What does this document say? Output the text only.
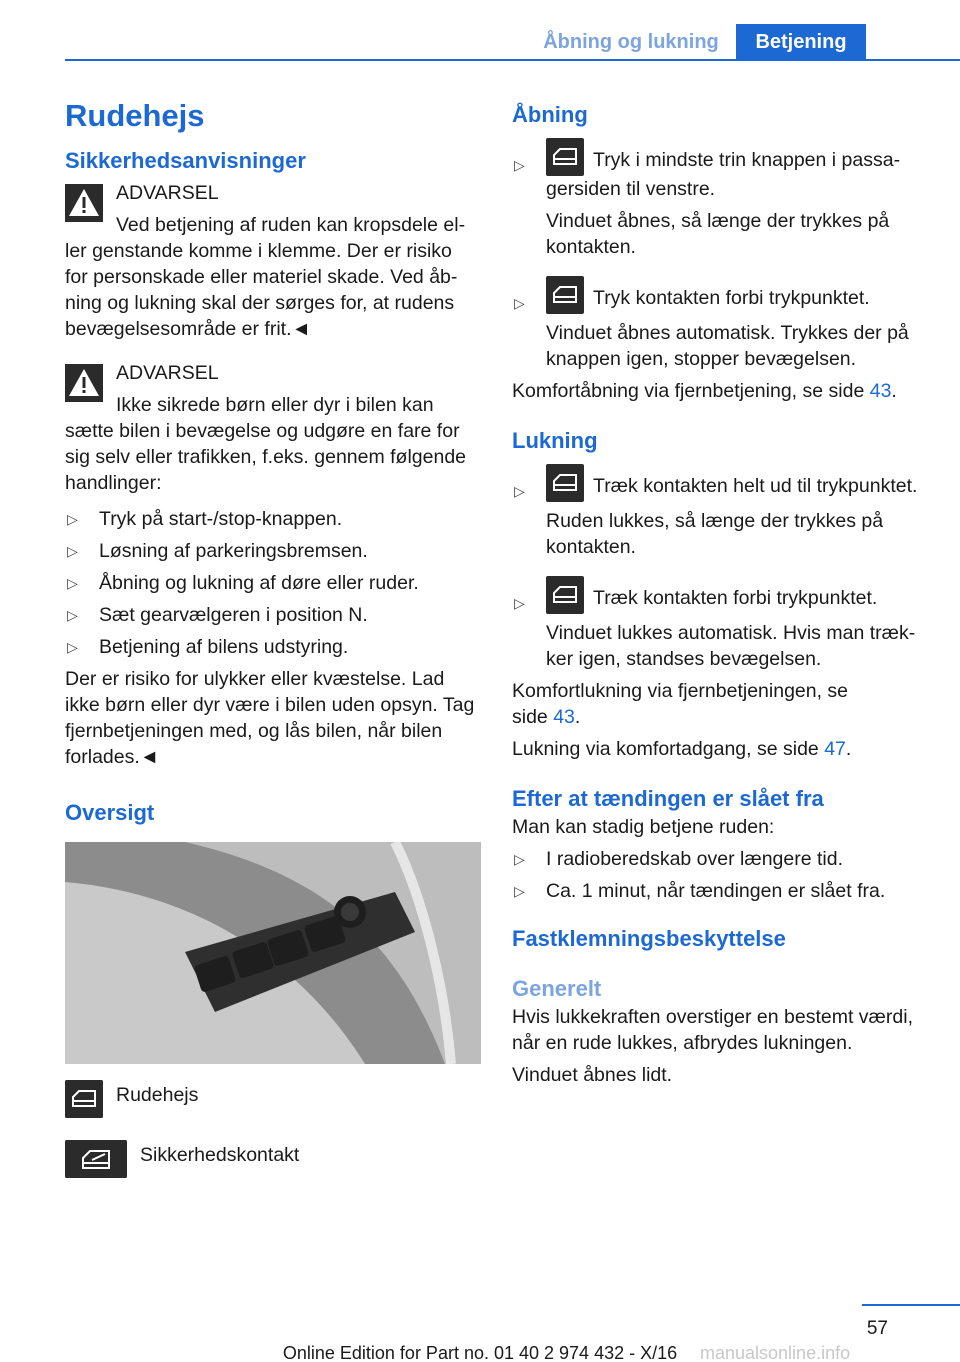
Åbning og lukning	Betjening
Rudehejs
Sikkerhedsanvisninger

ADVARSEL

Ved betjening af ruden kan kropsdele el-

ler genstande komme i klemme. Der er risiko for personskade eller materiel skade. Ved åbning og lukning skal der sørges for, at rudens bevægelsesområde er frit.◄

ADVARSEL

Ikke sikrede børn eller dyr i bilen kan

sætte bilen i bevægelse og udgøre en fare for sig selv eller trafikken, f.eks. gennem følgende handlinger:

▷ Tryk på start-/stop-knappen.
▷ Løsning af parkeringsbremsen.
▷ Åbning og lukning af døre eller ruder.
▷ Sæt gearvælgeren i position N.
▷ Betjening af bilens udstyring.

Der er risiko for ulykker eller kvæstelse. Lad ikke børn eller dyr være i bilen uden opsyn. Tag fjernbetjeningen med, og lås bilen, når bilen forlades.◄

Oversigt
Rudehejs
Sikkerhedskontakt
Åbning
▷	Tryk i mindste trin knappen i passagersiden til venstre.

Vinduet åbnes, så længe der trykkes på kontakten.

▷	Tryk kontakten forbi trykpunktet.

Vinduet åbnes automatisk. Trykkes der på knappen igen, stopper bevægelsen.

Komfortåbning via fjernbetjening, se side 43.

Lukning
▷	Træk kontakten helt ud til trykpunktet.

Ruden lukkes, så længe der trykkes på kontakten.

▷	Træk kontakten forbi trykpunktet.

Vinduet lukkes automatisk. Hvis man trækker igen, standses bevægelsen.

Komfortlukning via fjernbetjeningen, se
side 43.

Lukning via komfortadgang, se side 47.

Efter at tændingen er slået fra

Man kan stadig betjene ruden:

▷ I radioberedskab over længere tid.
▷ Ca. 1 minut, når tændingen er slået fra.
Fastklemningsbeskyttelse
Generelt

Hvis lukkekraften overstiger en bestemt værdi, når en rude lukkes, afbrydes lukningen.

Vinduet åbnes lidt.

57
Online Edition for Part no. 01 40 2 974 432 - X/16	manualsonline.info
